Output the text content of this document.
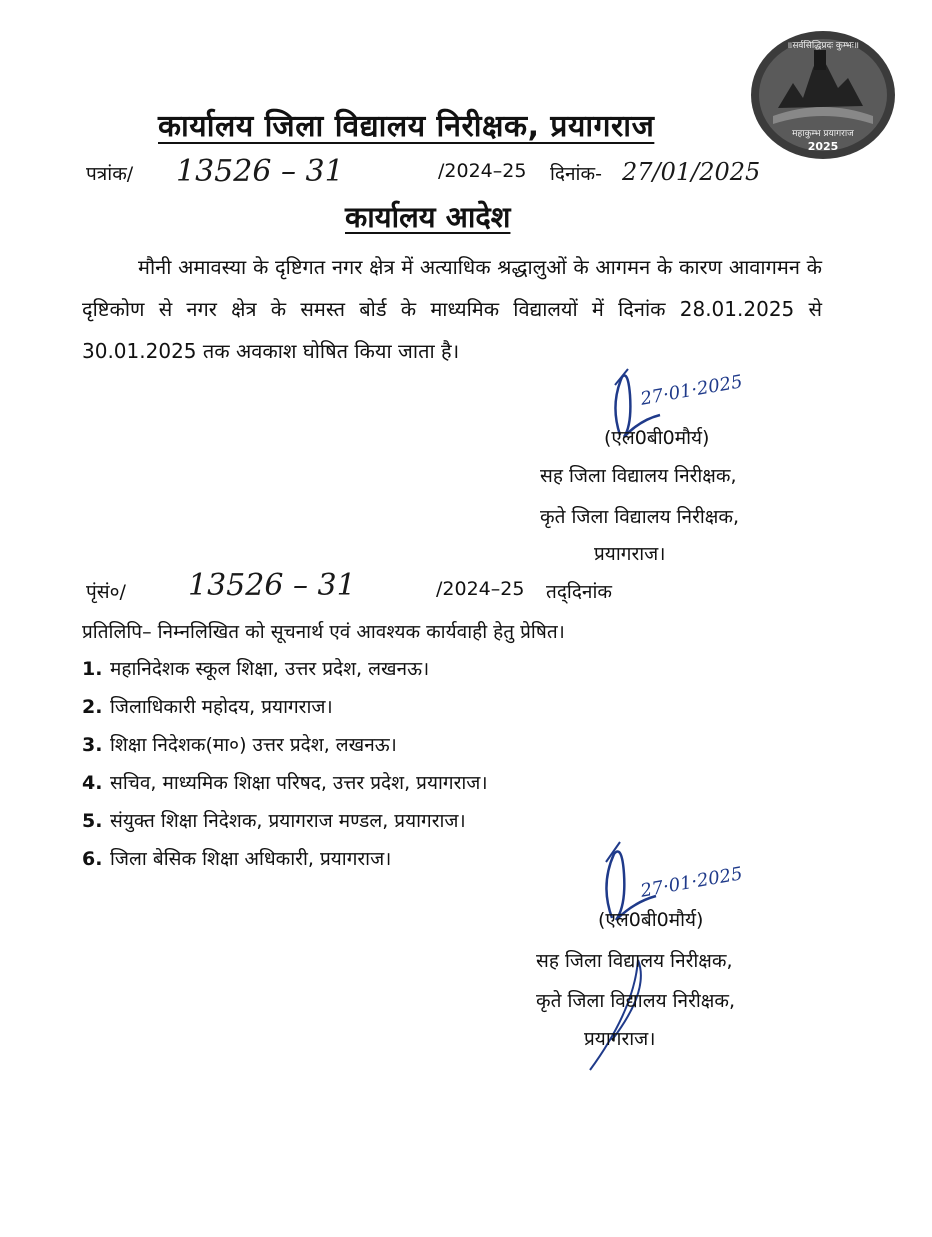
॥सर्वसिद्धिप्रदः कुम्भः॥
महाकुम्भ प्रयागराज
2025
कार्यालय जिला विद्यालय निरीक्षक, प्रयागराज
पत्रांक/ 13526 – 31	/2024–25 दिनांक- 27/01/2025
कार्यालय आदेश
मौनी अमावस्या के दृष्टिगत नगर क्षेत्र में अत्याधिक श्रद्धालुओं के आगमन के कारण आवागमन के दृष्टिकोण से नगर क्षेत्र के समस्त बोर्ड के माध्यमिक विद्यालयों में दिनांक 28.01.2025 से 30.01.2025 तक अवकाश घोषित किया जाता है।
27·01·2025
(एल0बी0मौर्य)
सह जिला विद्यालय निरीक्षक,
कृते जिला विद्यालय निरीक्षक,
प्रयागराज।
पृंसं०/ 13526 – 31	/2024–25 तद्‌दिनांक
प्रतिलिपि– निम्नलिखित को सूचनार्थ एवं आवश्यक कार्यवाही हेतु प्रेषित।
1. महानिदेशक स्कूल शिक्षा, उत्तर प्रदेश, लखनऊ।
2. जिलाधिकारी महोदय, प्रयागराज।
3. शिक्षा निदेशक(मा०) उत्तर प्रदेश, लखनऊ।
4. सचिव, माध्यमिक शिक्षा परिषद, उत्तर प्रदेश, प्रयागराज।
5. संयुक्त शिक्षा निदेशक, प्रयागराज मण्डल, प्रयागराज।
6. जिला बेसिक शिक्षा अधिकारी, प्रयागराज।
27·01·2025
(एल0बी0मौर्य)
सह जिला विद्यालय निरीक्षक,
कृते जिला विद्यालय निरीक्षक,
प्रयागराज।
